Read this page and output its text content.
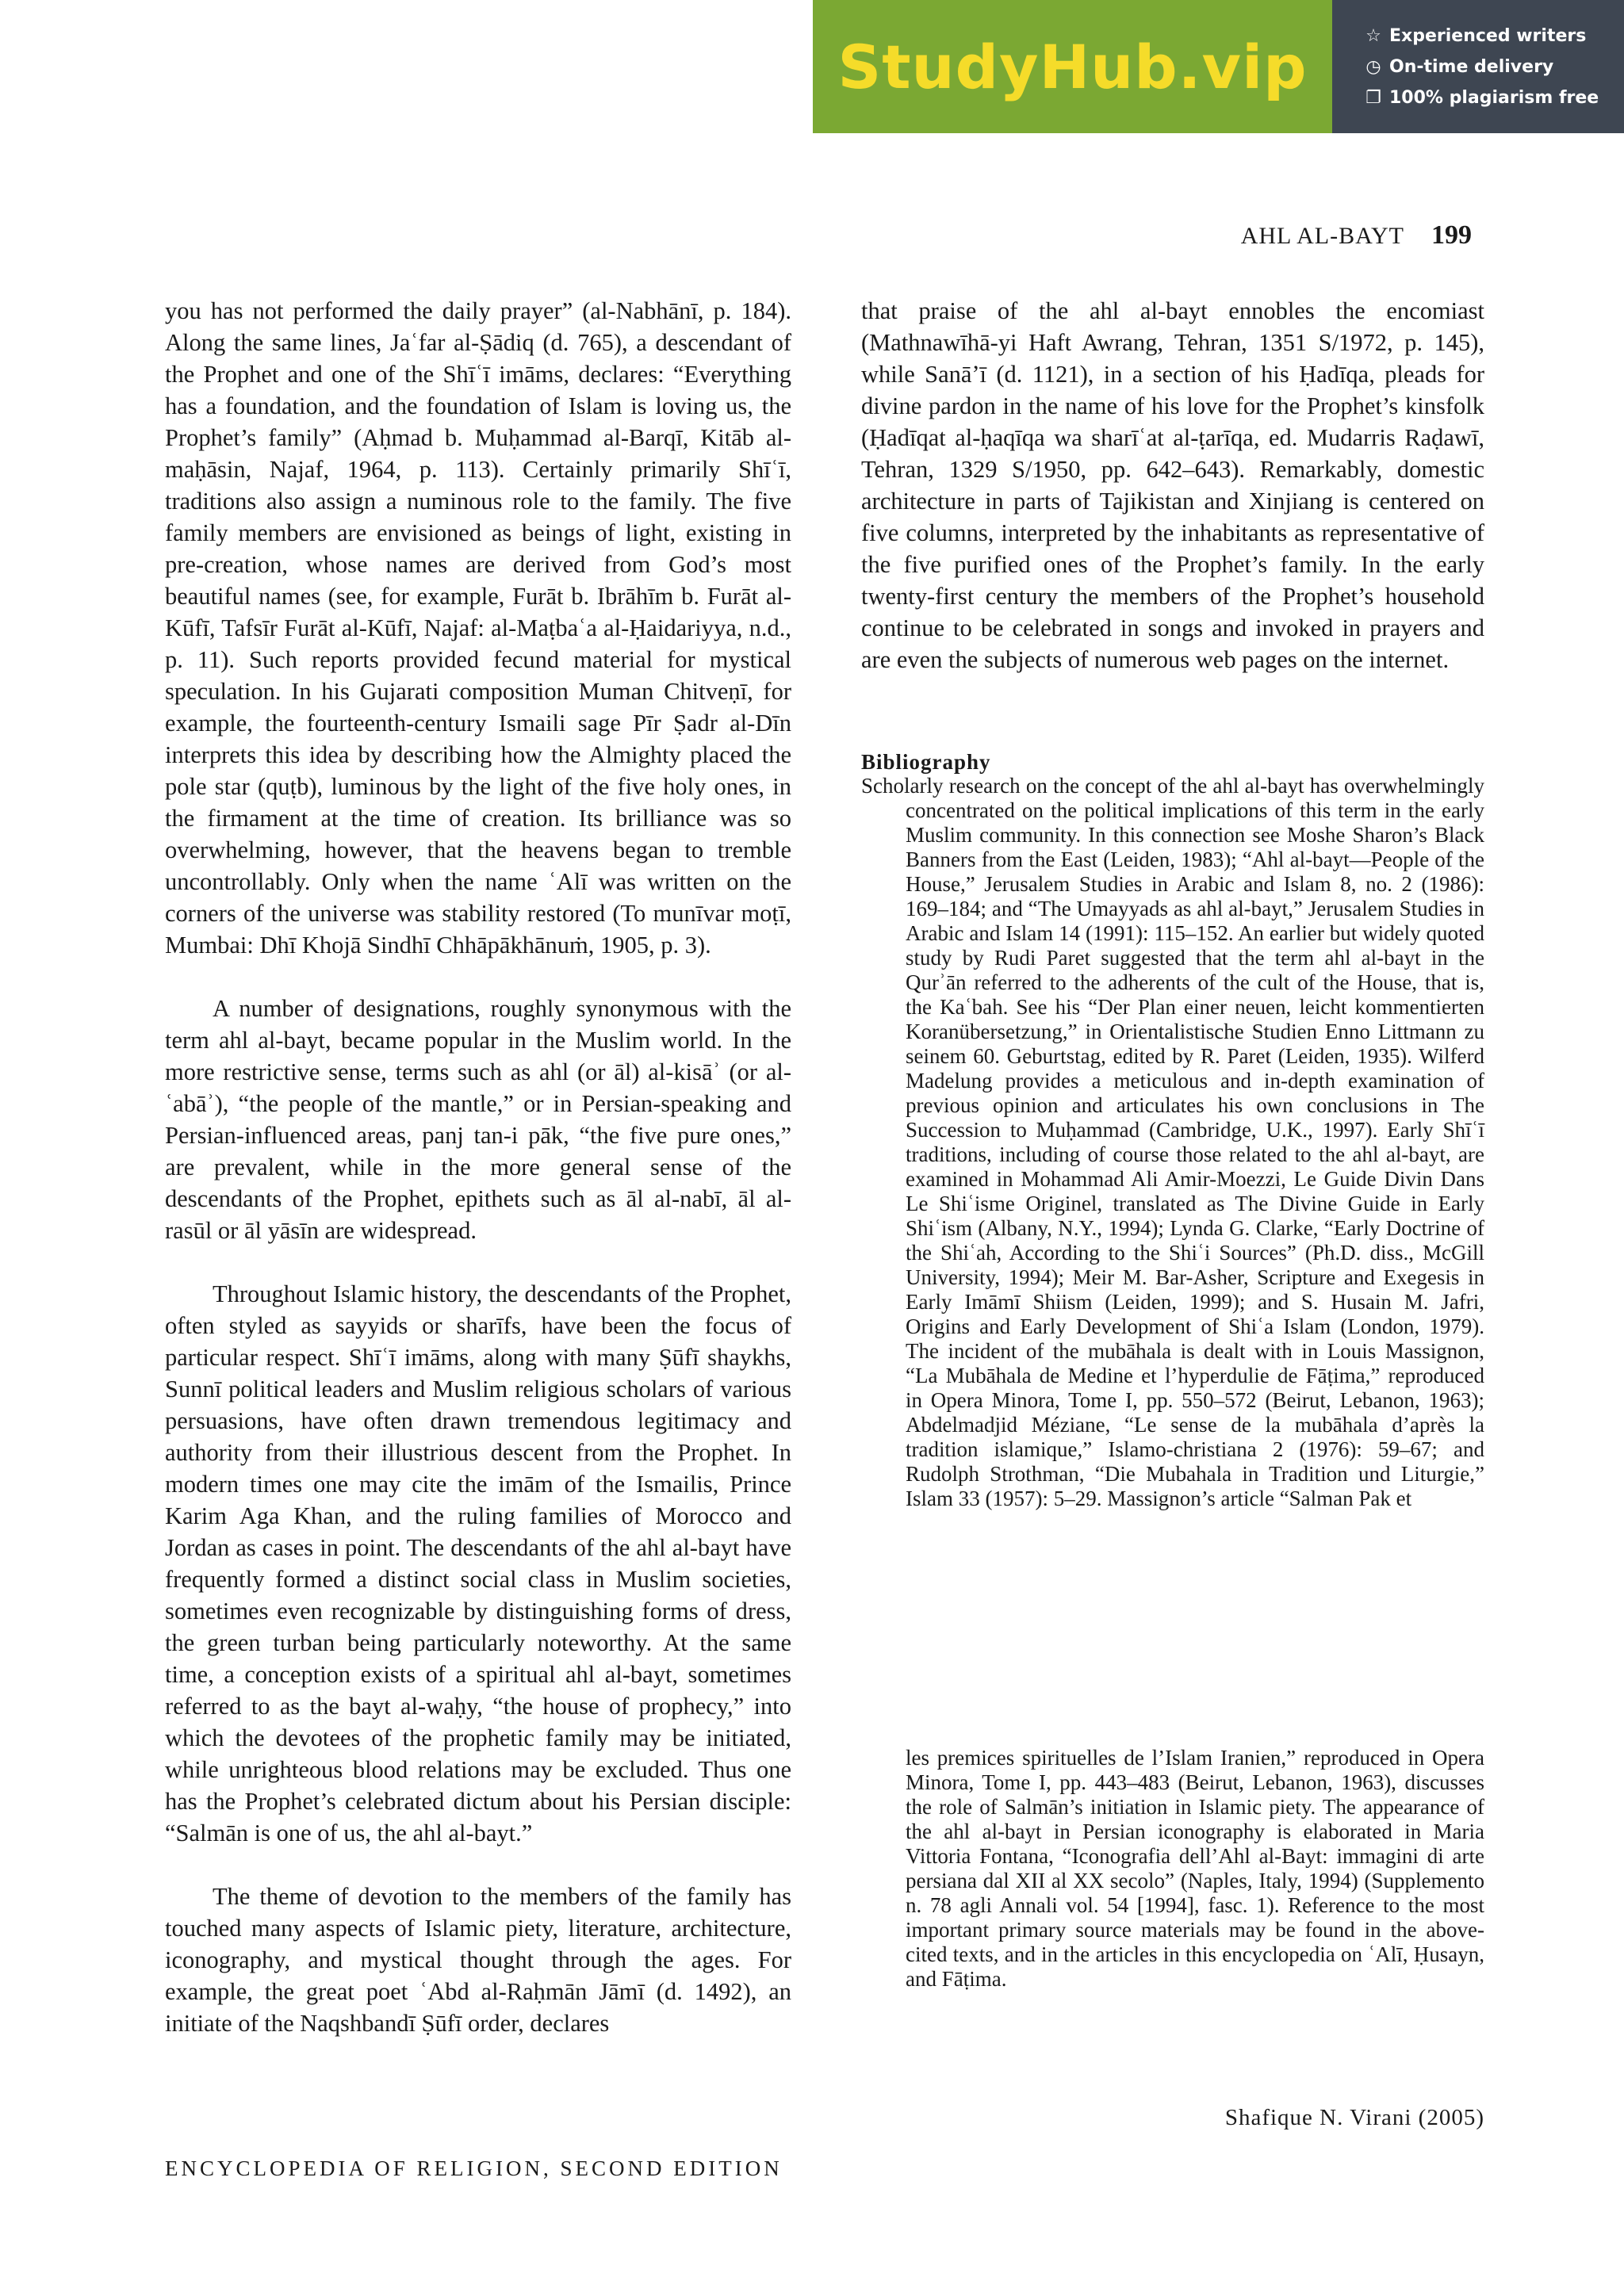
StudyHub.vip	☆ Experienced writers
◷ On-time delivery
❐ 100% plagiarism free
AHL AL-BAYT 199

you has not performed the daily prayer” (al-Nabhānī, p. 184). Along the same lines, Jaʿfar al-Ṣādiq (d. 765), a descendant of the Prophet and one of the Shīʿī imāms, declares: “Everything has a foundation, and the foundation of Islam is loving us, the Prophet’s family” (Aḥmad b. Muḥammad al-Barqī, Kitāb al-maḥāsin, Najaf, 1964, p. 113). Certainly primarily Shīʿī, traditions also assign a numinous role to the family. The five family members are envisioned as beings of light, existing in pre-creation, whose names are derived from God’s most beautiful names (see, for example, Furāt b. Ibrāhīm b. Furāt al-Kūfī, Tafsīr Furāt al-Kūfī, Najaf: al-Maṭbaʿa al-Ḥaidariyya, n.d., p. 11). Such reports provided fecund material for mystical speculation. In his Gujarati composition Muman Chitveṇī, for example, the fourteenth-century Ismaili sage Pīr Ṣadr al-Dīn interprets this idea by describing how the Almighty placed the pole star (quṭb), luminous by the light of the five holy ones, in the firmament at the time of creation. Its brilliance was so overwhelming, however, that the heavens began to tremble uncontrollably. Only when the name ʿAlī was written on the corners of the universe was stability restored (To munīvar moṭī, Mumbai: Dhī Khojā Sindhī Chhāpākhānuṁ, 1905, p. 3).

A number of designations, roughly synonymous with the term ahl al-bayt, became popular in the Muslim world. In the more restrictive sense, terms such as ahl (or āl) al-kisāʾ (or al-ʿabāʾ), “the people of the mantle,” or in Persian-speaking and Persian-influenced areas, panj tan-i pāk, “the five pure ones,” are prevalent, while in the more general sense of the descendants of the Prophet, epithets such as āl al-nabī, āl al-rasūl or āl yāsīn are widespread.

Throughout Islamic history, the descendants of the Prophet, often styled as sayyids or sharīfs, have been the focus of particular respect. Shīʿī imāms, along with many Ṣūfī shaykhs, Sunnī political leaders and Muslim religious scholars of various persuasions, have often drawn tremendous legitimacy and authority from their illustrious descent from the Prophet. In modern times one may cite the imām of the Ismailis, Prince Karim Aga Khan, and the ruling families of Morocco and Jordan as cases in point. The descendants of the ahl al-bayt have frequently formed a distinct social class in Muslim societies, sometimes even recognizable by distinguishing forms of dress, the green turban being particularly noteworthy. At the same time, a conception exists of a spiritual ahl al-bayt, sometimes referred to as the bayt al-waḥy, “the house of prophecy,” into which the devotees of the prophetic family may be initiated, while unrighteous blood relations may be excluded. Thus one has the Prophet’s celebrated dictum about his Persian disciple: “Salmān is one of us, the ahl al-bayt.”

The theme of devotion to the members of the family has touched many aspects of Islamic piety, literature, architecture, iconography, and mystical thought through the ages. For example, the great poet ʿAbd al-Raḥmān Jāmī (d. 1492), an initiate of the Naqshbandī Ṣūfī order, declares

that praise of the ahl al-bayt ennobles the encomiast (Mathnawīhā-yi Haft Awrang, Tehran, 1351 S/1972, p. 145), while Sanāʼī (d. 1121), in a section of his Ḥadīqa, pleads for divine pardon in the name of his love for the Prophet’s kinsfolk (Ḥadīqat al-ḥaqīqa wa sharīʿat al-ṭarīqa, ed. Mudarris Raḍawī, Tehran, 1329 S/1950, pp. 642–643). Remarkably, domestic architecture in parts of Tajikistan and Xinjiang is centered on five columns, interpreted by the inhabitants as representative of the five purified ones of the Prophet’s family. In the early twenty-first century the members of the Prophet’s household continue to be celebrated in songs and invoked in prayers and are even the subjects of numerous web pages on the internet.

Bibliography

Scholarly research on the concept of the ahl al-bayt has overwhelmingly concentrated on the political implications of this term in the early Muslim community. In this connection see Moshe Sharon’s Black Banners from the East (Leiden, 1983); “Ahl al-bayt—People of the House,” Jerusalem Studies in Arabic and Islam 8, no. 2 (1986): 169–184; and “The Umayyads as ahl al-bayt,” Jerusalem Studies in Arabic and Islam 14 (1991): 115–152. An earlier but widely quoted study by Rudi Paret suggested that the term ahl al-bayt in the Qurʾān referred to the adherents of the cult of the House, that is, the Kaʿbah. See his “Der Plan einer neuen, leicht kommentierten Koranübersetzung,” in Orientalistische Studien Enno Littmann zu seinem 60. Geburtstag, edited by R. Paret (Leiden, 1935). Wilferd Madelung provides a meticulous and in-depth examination of previous opinion and articulates his own conclusions in The Succession to Muḥammad (Cambridge, U.K., 1997). Early Shīʿī traditions, including of course those related to the ahl al-bayt, are examined in Mohammad Ali Amir-Moezzi, Le Guide Divin Dans Le Shiʿisme Originel, translated as The Divine Guide in Early Shiʿism (Albany, N.Y., 1994); Lynda G. Clarke, “Early Doctrine of the Shiʿah, According to the Shiʿi Sources” (Ph.D. diss., McGill University, 1994); Meir M. Bar-Asher, Scripture and Exegesis in Early Imāmī Shiism (Leiden, 1999); and S. Husain M. Jafri, Origins and Early Development of Shiʿa Islam (London, 1979). The incident of the mubāhala is dealt with in Louis Massignon, “La Mubāhala de Medine et l’hyperdulie de Fāṭima,” reproduced in Opera Minora, Tome I, pp. 550–572 (Beirut, Lebanon, 1963); Abdelmadjid Méziane, “Le sense de la mubāhala d’après la tradition islamique,” Islamo-christiana 2 (1976): 59–67; and Rudolph Strothman, “Die Mubahala in Tradition und Liturgie,” Islam 33 (1957): 5–29. Massignon’s article “Salman Pak et

les premices spirituelles de l’Islam Iranien,” reproduced in Opera Minora, Tome I, pp. 443–483 (Beirut, Lebanon, 1963), discusses the role of Salmān’s initiation in Islamic piety. The appearance of the ahl al-bayt in Persian iconography is elaborated in Maria Vittoria Fontana, “Iconografia dell’Ahl al-Bayt: immagini di arte persiana dal XII al XX secolo” (Naples, Italy, 1994) (Supplemento n. 78 agli Annali vol. 54 [1994], fasc. 1). Reference to the most important primary source materials may be found in the above-cited texts, and in the articles in this encyclopedia on ʿAlī, Ḥusayn, and Fāṭima.

Shafique N. Virani (2005)
ENCYCLOPEDIA OF RELIGION, SECOND EDITION
